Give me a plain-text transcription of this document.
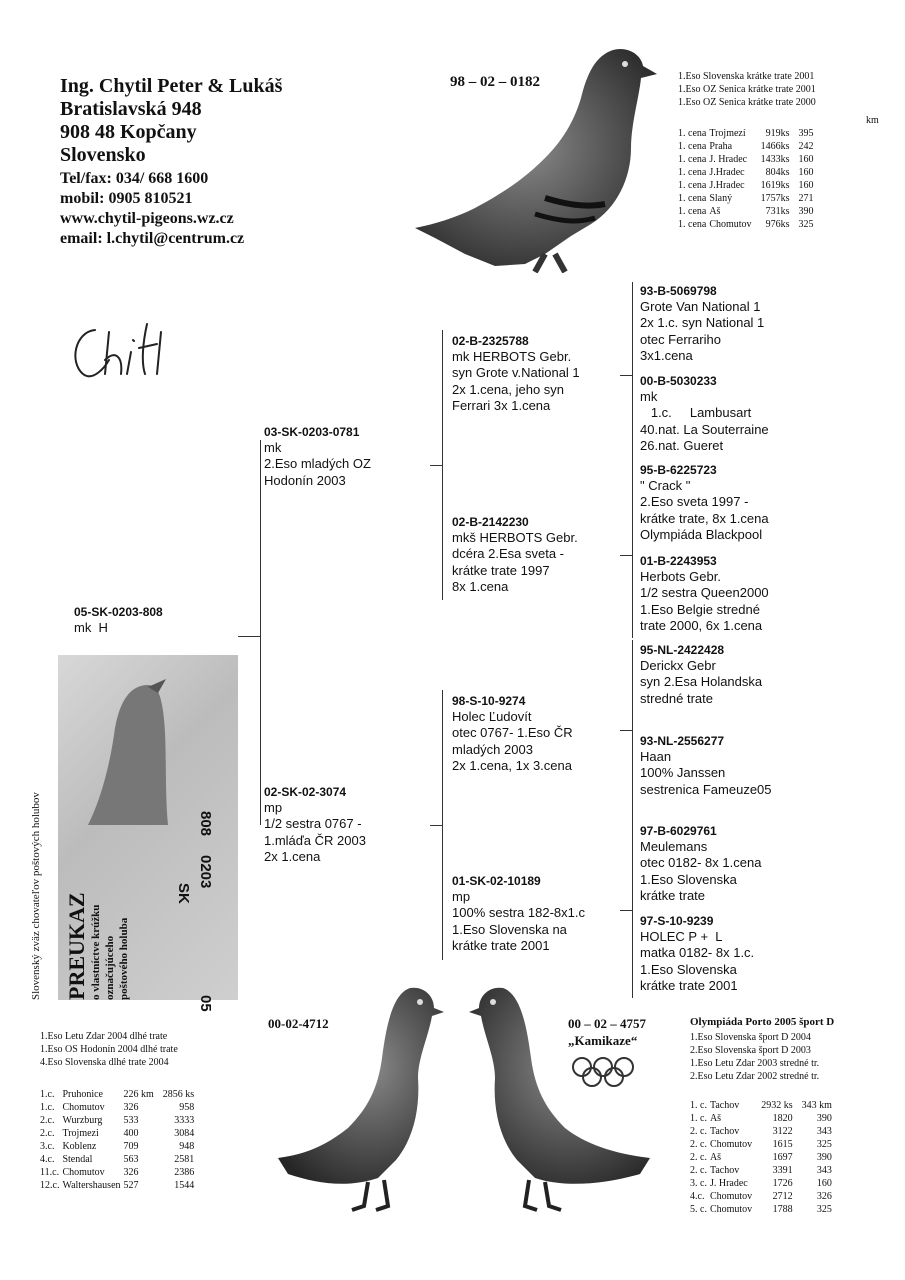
Ing. Chytil Peter & Lukáš
Bratislavská 948
908 48 Kopčany
Slovensko
Tel/fax: 034/ 668 1600
mobil: 0905 810521
www.chytil-pigeons.wz.cz
email: l.chytil@centrum.cz
98 – 02 – 0182	1.Eso Slovenska krátke trate 2001
1.Eso OZ Senica krátke trate 2001
1.Eso OZ Senica krátke trate 2000
km
1. cena	Trojmezí	919ks	395
1. cena	Praha	1466ks	242
1. cena	J. Hradec	1433ks	160
1. cena	J.Hradec	804ks	160
1. cena	J.Hradec	1619ks	160
1. cena	Slaný	1757ks	271
1. cena	Aš	731ks	390
1. cena	Chomutov	976ks	325
05-SK-0203-808
mk  H
03-SK-0203-0781
mk
2.Eso mladých OZ
Hodonín 2003
02-SK-02-3074
mp
1/2 sestra 0767 -
1.mláďa ČR 2003
2x 1.cena
02-B-2325788
mk HERBOTS Gebr.
syn Grote v.National 1
2x 1.cena, jeho syn
Ferrari 3x 1.cena
02-B-2142230
mkš HERBOTS Gebr.
dcéra 2.Esa sveta -
krátke trate 1997
8x 1.cena
98-S-10-9274
Holec Ľudovít
otec 0767- 1.Eso ČR
mladých 2003
2x 1.cena, 1x 3.cena
01-SK-02-10189
mp
100% sestra 182-8x1.c
1.Eso Slovenska na
krátke trate 2001
93-B-5069798
Grote Van National 1
2x 1.c. syn National 1
otec Ferrariho
3x1.cena
00-B-5030233
mk
1.c.     Lambusart
40.nat. La Souterraine
26.nat. Gueret
95-B-6225723
" Crack "
2.Eso sveta 1997 -
krátke trate, 8x 1.cena
Olympiáda Blackpool
01-B-2243953
Herbots Gebr.
1/2 sestra Queen2000
1.Eso Belgie stredné
trate 2000, 6x 1.cena
95-NL-2422428
Derickx Gebr
syn 2.Esa Holandska
stredné trate
93-NL-2556277
Haan
100% Janssen
sestrenica Fameuze05
97-B-6029761
Meulemans
otec 0182- 8x 1.cena
1.Eso Slovenska
krátke trate
97-S-10-9239
HOLEC P +  L
matka 0182- 8x 1.c.
1.Eso Slovenska
krátke trate 2001
Slovenský zväz chovateľov poštových holubov PREUKAZ o vlastníctve krúžku označujúceho poštového holuba
05
0203
SK
808
00-02-4712
1.Eso Letu Zdar 2004 dlhé trate
1.Eso OS Hodonín 2004 dlhé trate
4.Eso Slovenska dlhé trate 2004
1.c.	Pruhonice	226 km	2856 ks
1.c.	Chomutov	326	958
2.c.	Wurzburg	533	3333
2.c.	Trojmezi	400	3084
3.c.	Koblenz	709	948
4.c.	Stendal	563	2581
11.c.	Chomutov	326	2386
12.c.	Waltershausen	527	1544
00 – 02 – 4757
„Kamikaze“
Olympiáda Porto 2005 šport D
1.Eso Slovenska šport D 2004
2.Eso Slovenska šport D 2003
1.Eso Letu Zdar 2003 stredné tr.
2.Eso Letu Zdar 2002 stredné tr.
1. c.	Tachov	2932 ks	343 km
1. c.	Aš	1820	390
2. c.	Tachov	3122	343
2. c.	Chomutov	1615	325
2. c.	Aš	1697	390
2. c.	Tachov	3391	343
3. c.	J. Hradec	1726	160
4.c.	Chomutov	2712	326
5. c.	Chomutov	1788	325
